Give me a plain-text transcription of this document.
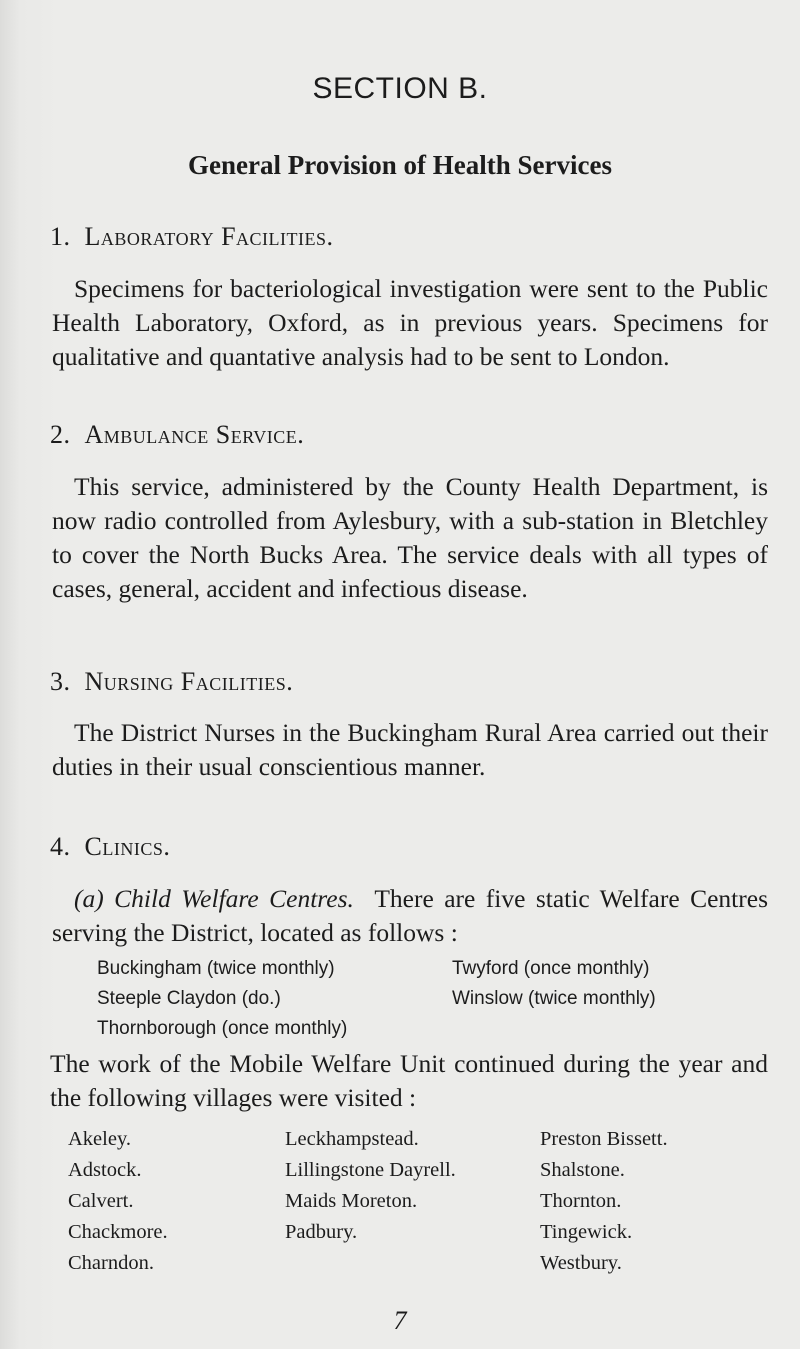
SECTION B.
General Provision of Health Services
1. Laboratory Facilities.
Specimens for bacteriological investigation were sent to the Public Health Laboratory, Oxford, as in previous years. Specimens for qualitative and quantative analysis had to be sent to London.
2. Ambulance Service.
This service, administered by the County Health Department, is now radio controlled from Aylesbury, with a sub-station in Bletchley to cover the North Bucks Area. The service deals with all types of cases, general, accident and infectious disease.
3. Nursing Facilities.
The District Nurses in the Buckingham Rural Area carried out their duties in their usual conscientious manner.
4. Clinics.
(a) Child Welfare Centres. There are five static Welfare Centres serving the District, located as follows :
Buckingham (twice monthly)	Twyford (once monthly)
Steeple Claydon (do.)	Winslow (twice monthly)
Thornborough (once monthly)
The work of the Mobile Welfare Unit continued during the year and the following villages were visited :
Akeley.
Adstock.
Calvert.
Chackmore.
Charndon.
Leckhampstead.
Lillingstone Dayrell.
Maids Moreton.
Padbury.
Preston Bissett.
Shalstone.
Thornton.
Tingewick.
Westbury.
7
